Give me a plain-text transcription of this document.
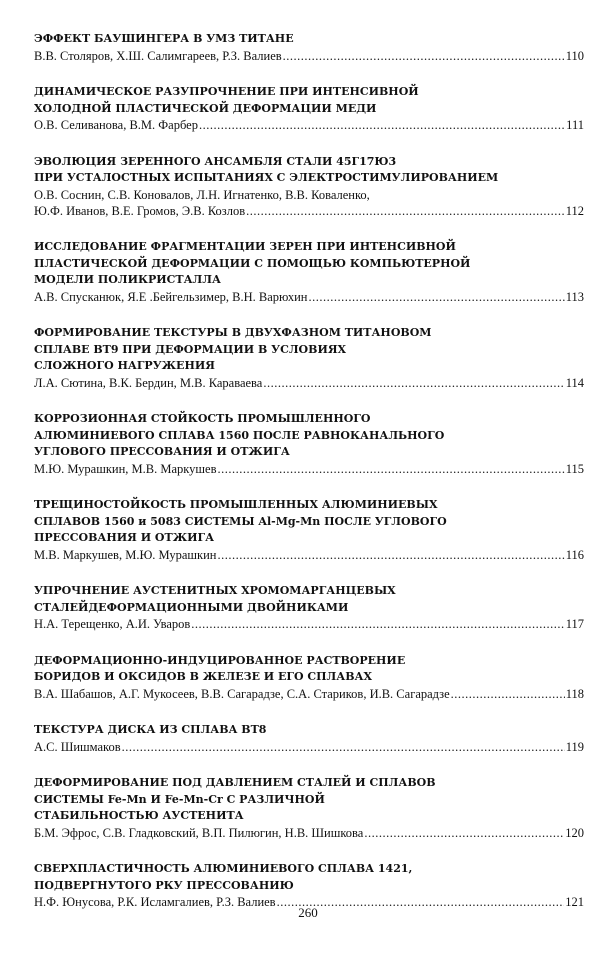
ЭФФЕКТ БАУШИНГЕРА В УМЗ ТИТАНЕ
В.В. Столяров, Х.Ш. Салимгареев, Р.З. Валиев .....	110
ДИНАМИЧЕСКОЕ РАЗУПРОЧНЕНИЕ ПРИ ИНТЕНСИВНОЙ
ХОЛОДНОЙ ПЛАСТИЧЕСКОЙ ДЕФОРМАЦИИ МЕДИ
О.В. Селиванова, В.М. Фарбер .....	111
ЭВОЛЮЦИЯ ЗЕРЕННОГО АНСАМБЛЯ СТАЛИ 45Г17Ю3
ПРИ УСТАЛОСТНЫХ ИСПЫТАНИЯХ С ЭЛЕКТРОСТИМУЛИРОВАНИЕМ
О.В. Соснин, С.В. Коновалов, Л.Н. Игнатенко, В.В. Коваленко,
Ю.Ф. Иванов, В.Е. Громов, Э.В. Козлов .....	112
ИССЛЕДОВАНИЕ ФРАГМЕНТАЦИИ ЗЕРЕН ПРИ ИНТЕНСИВНОЙ
ПЛАСТИЧЕСКОЙ ДЕФОРМАЦИИ С ПОМОЩЬЮ КОМПЬЮТЕРНОЙ
МОДЕЛИ ПОЛИКРИСТАЛЛА
А.В. Спусканюк, Я.Е .Бейгельзимер, В.Н. Варюхин .....	113
ФОРМИРОВАНИЕ ТЕКСТУРЫ В ДВУХФАЗНОМ ТИТАНОВОМ
СПЛАВЕ ВТ9 ПРИ ДЕФОРМАЦИИ В УСЛОВИЯХ
СЛОЖНОГО НАГРУЖЕНИЯ
Л.А. Сютина, В.К. Бердин, М.В. Караваева .....	114
КОРРОЗИОННАЯ СТОЙКОСТЬ ПРОМЫШЛЕННОГО
АЛЮМИНИЕВОГО СПЛАВА 1560 ПОСЛЕ РАВНОКАНАЛЬНОГО
УГЛОВОГО ПРЕССОВАНИЯ И ОТЖИГА
М.Ю. Мурашкин, М.В. Маркушев .....	115
ТРЕЩИНОСТОЙКОСТЬ ПРОМЫШЛЕННЫХ АЛЮМИНИЕВЫХ
СПЛАВОВ 1560 и 5083 СИСТЕМЫ Al-Mg-Mn ПОСЛЕ УГЛОВОГО
ПРЕССОВАНИЯ И ОТЖИГА
М.В. Маркушев, М.Ю. Мурашкин .....	116
УПРОЧНЕНИЕ АУСТЕНИТНЫХ ХРОМОМАРГАНЦЕВЫХ
СТАЛЕЙДЕФОРМАЦИОННЫМИ ДВОЙНИКАМИ
Н.А. Терещенко, А.И. Уваров .....	117
ДЕФОРМАЦИОННО-ИНДУЦИРОВАННОЕ РАСТВОРЕНИЕ
БОРИДОВ И ОКСИДОВ В ЖЕЛЕЗЕ И ЕГО СПЛАВАХ
В.А. Шабашов, А.Г. Мукосеев, В.В. Сагарадзе, С.А. Стариков, И.В. Сагарадзе .....	118
ТЕКСТУРА ДИСКА ИЗ СПЛАВА ВТ8
А.С. Шишмаков .....	119
ДЕФОРМИРОВАНИЕ ПОД ДАВЛЕНИЕМ СТАЛЕЙ И СПЛАВОВ
СИСТЕМЫ Fe-Mn И Fe-Mn-Cr С РАЗЛИЧНОЙ
СТАБИЛЬНОСТЬЮ АУСТЕНИТА
Б.М. Эфрос, С.В. Гладковский, В.П. Пилюгин, Н.В. Шишкова .....	120
СВЕРХПЛАСТИЧНОСТЬ АЛЮМИНИЕВОГО СПЛАВА 1421,
ПОДВЕРГНУТОГО РКУ ПРЕССОВАНИЮ
Н.Ф. Юнусова, Р.К. Исламгалиев, Р.З. Валиев .....	121
260
